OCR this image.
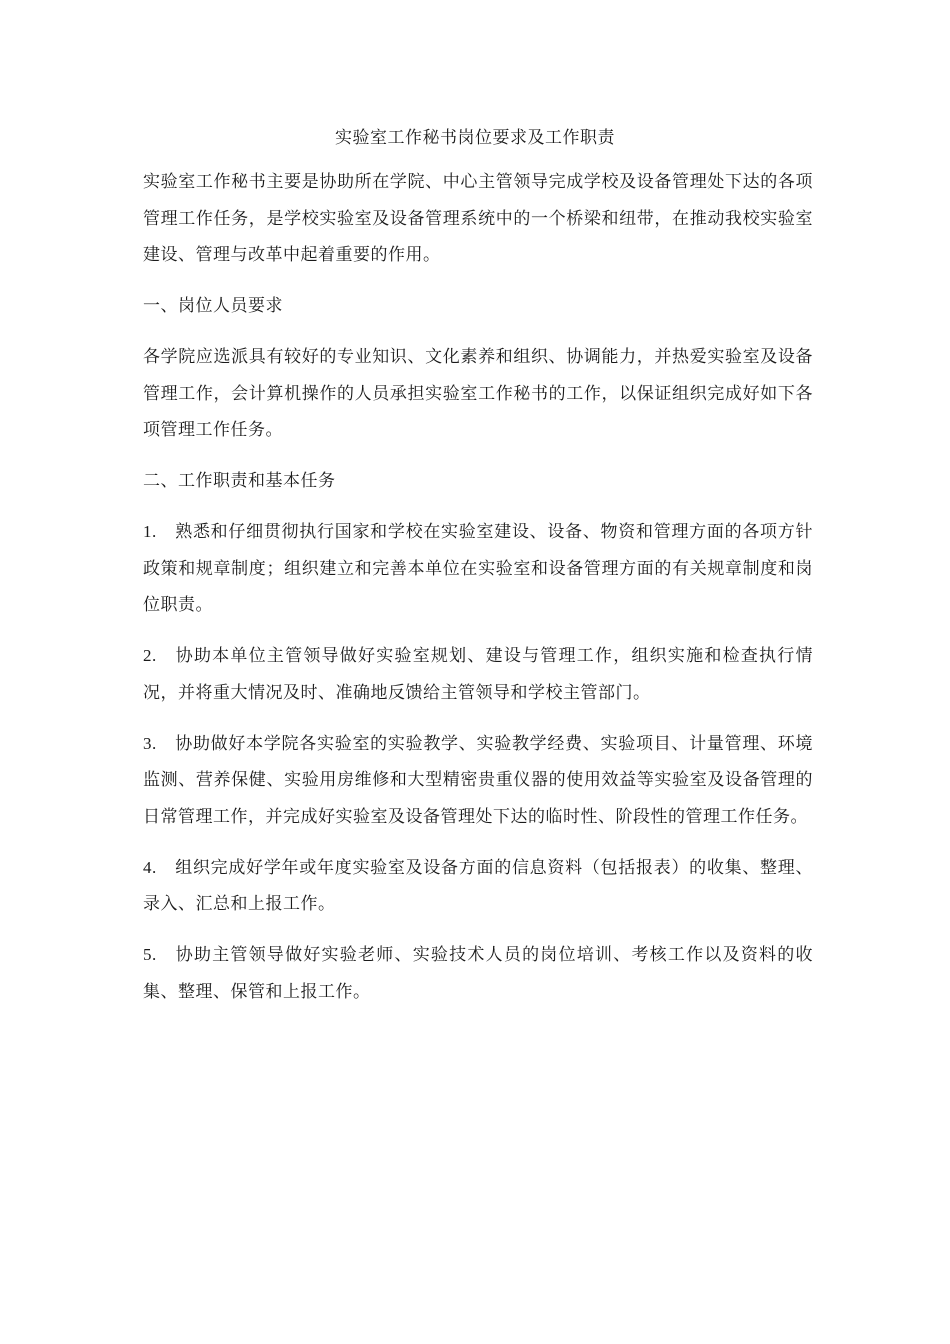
实验室工作秘书岗位要求及工作职责

实验室工作秘书主要是协助所在学院、中心主管领导完成学校及设备管理处下达的各项管理工作任务，是学校实验室及设备管理系统中的一个桥梁和纽带，在推动我校实验室建设、管理与改革中起着重要的作用。

一、岗位人员要求

各学院应选派具有较好的专业知识、文化素养和组织、协调能力，并热爱实验室及设备管理工作，会计算机操作的人员承担实验室工作秘书的工作，以保证组织完成好如下各项管理工作任务。

二、工作职责和基本任务

1. 熟悉和仔细贯彻执行国家和学校在实验室建设、设备、物资和管理方面的各项方针政策和规章制度；组织建立和完善本单位在实验室和设备管理方面的有关规章制度和岗位职责。

2. 协助本单位主管领导做好实验室规划、建设与管理工作，组织实施和检查执行情况，并将重大情况及时、准确地反馈给主管领导和学校主管部门。

3. 协助做好本学院各实验室的实验教学、实验教学经费、实验项目、计量管理、环境监测、营养保健、实验用房维修和大型精密贵重仪器的使用效益等实验室及设备管理的日常管理工作，并完成好实验室及设备管理处下达的临时性、阶段性的管理工作任务。

4. 组织完成好学年或年度实验室及设备方面的信息资料（包括报表）的收集、整理、录入、汇总和上报工作。

5. 协助主管领导做好实验老师、实验技术人员的岗位培训、考核工作以及资料的收集、整理、保管和上报工作。
